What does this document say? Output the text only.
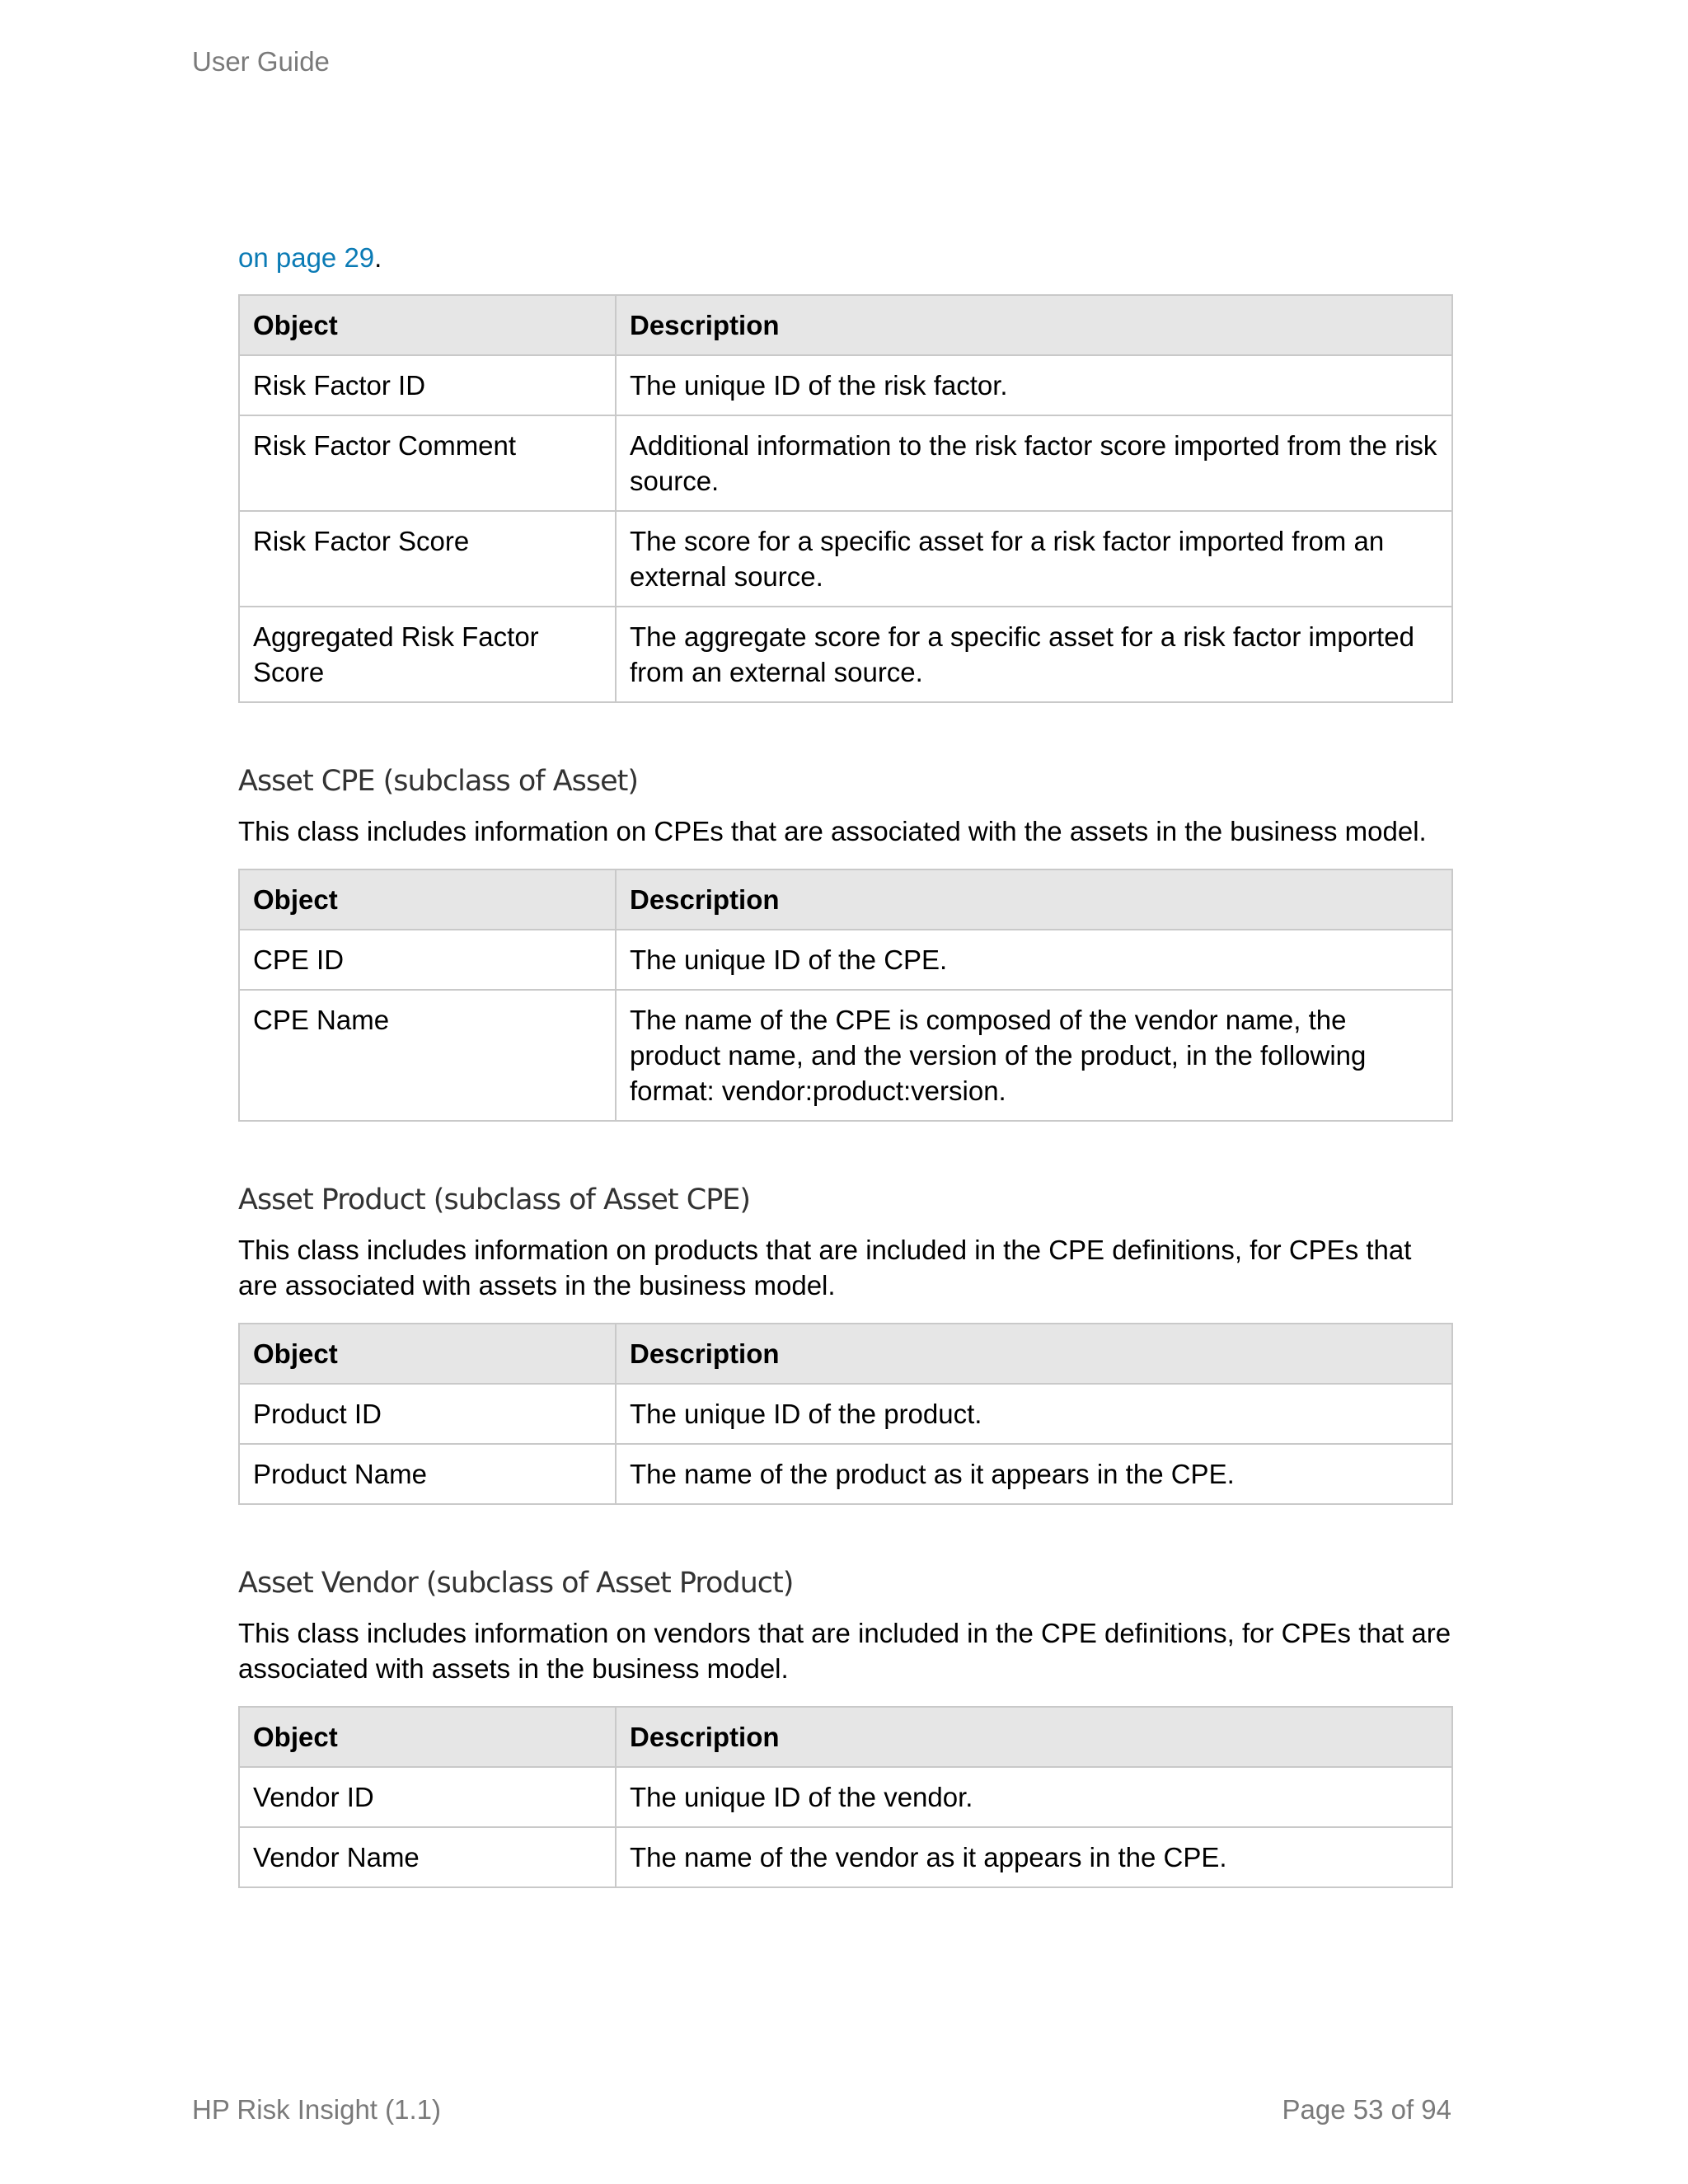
User Guide

on page 29.

Object	Description
Risk Factor ID	The unique ID of the risk factor.
Risk Factor Comment	Additional information to the risk factor score imported from the risk source.
Risk Factor Score	The score for a specific asset for a risk factor imported from an external source.
Aggregated Risk Factor Score	The aggregate score for a specific asset for a risk factor imported from an external source.
Asset CPE (subclass of Asset)

This class includes information on CPEs that are associated with the assets in the business model.

Object	Description
CPE ID	The unique ID of the CPE.
CPE Name	The name of the CPE is composed of the vendor name, the product name, and the version of the product, in the following format: vendor:product:version.
Asset Product (subclass of Asset CPE)

This class includes information on products that are included in the CPE definitions, for CPEs that are associated with assets in the business model.

Object	Description
Product ID	The unique ID of the product.
Product Name	The name of the product as it appears in the CPE.
Asset Vendor (subclass of Asset Product)

This class includes information on vendors that are included in the CPE definitions, for CPEs that are associated with assets in the business model.

Object	Description
Vendor ID	The unique ID of the vendor.
Vendor Name	The name of the vendor as it appears in the CPE.
HP Risk Insight (1.1)	Page 53 of 94
